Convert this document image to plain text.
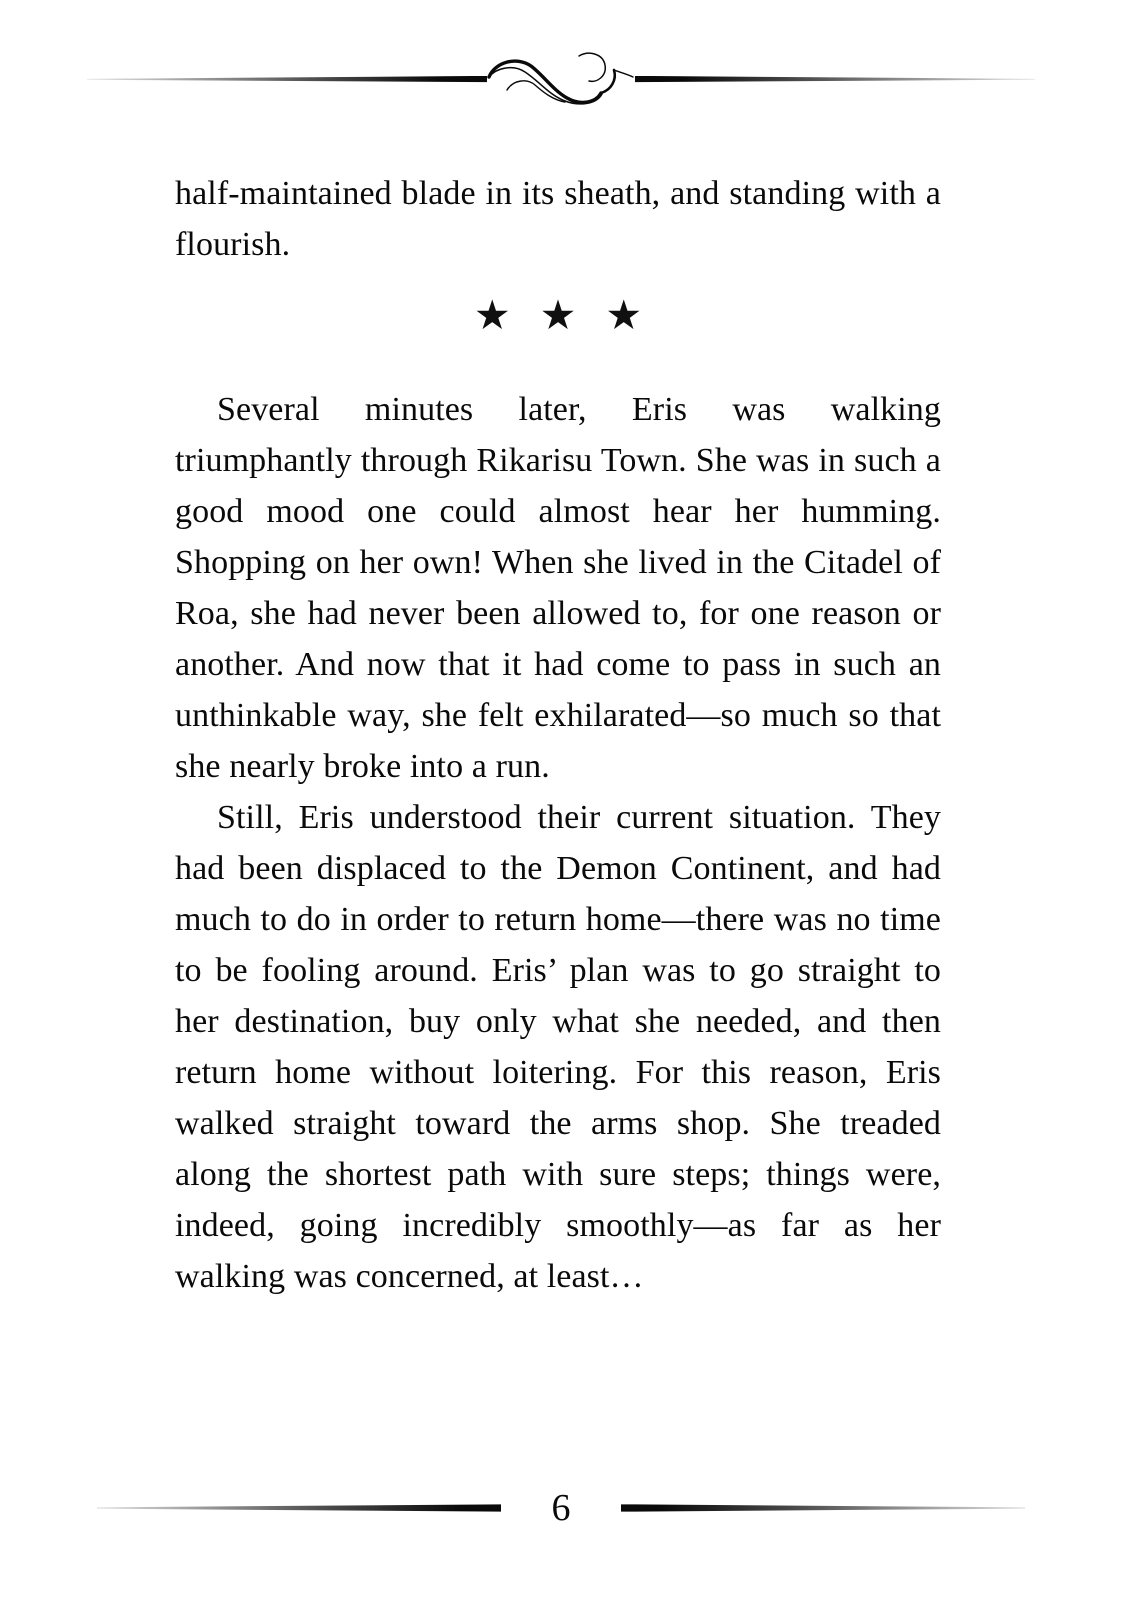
half-maintained blade in its sheath, and standing with a flourish.

★ ★ ★

Several minutes later, Eris was walking triumphantly through Rikarisu Town. She was in such a good mood one could almost hear her humming. Shopping on her own! When she lived in the Citadel of Roa, she had never been allowed to, for one reason or another. And now that it had come to pass in such an unthinkable way, she felt exhilarated—so much so that she nearly broke into a run.

Still, Eris understood their current situation. They had been displaced to the Demon Continent, and had much to do in order to return home—there was no time to be fooling around. Eris’ plan was to go straight to her destination, buy only what she needed, and then return home without loitering. For this reason, Eris walked straight toward the arms shop. She treaded along the shortest path with sure steps; things were, indeed, going incredibly smoothly—as far as her walking was concerned, at least…

6
